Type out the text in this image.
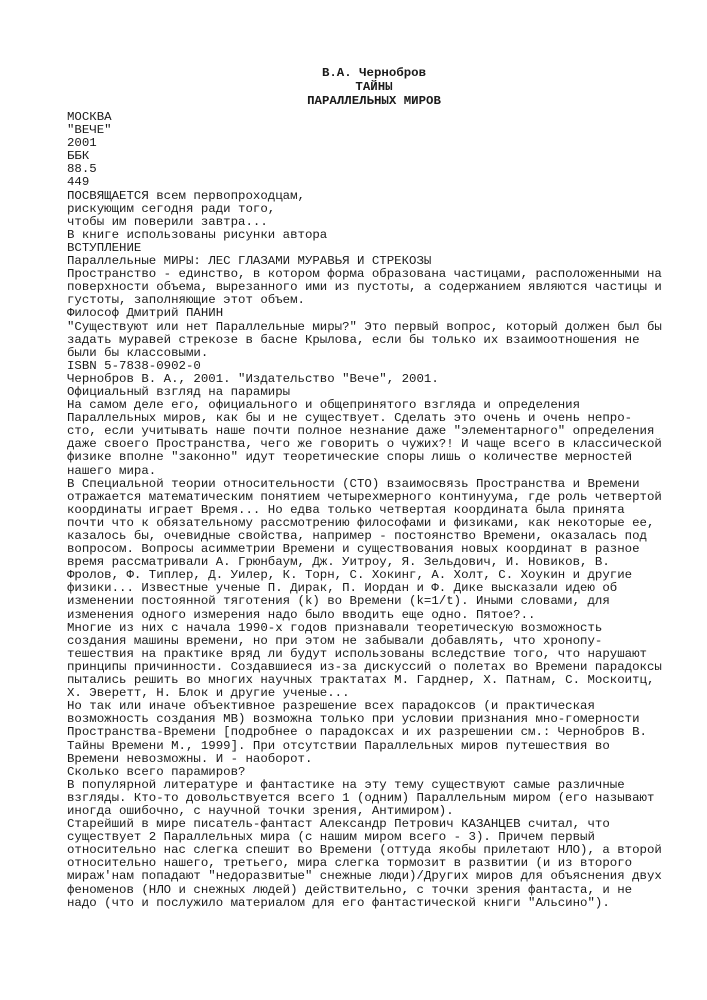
В.А. Чернобров
ТАЙНЫ
ПАРАЛЛЕЛЬНЫХ МИРОВ
МОСКВА
"ВЕЧЕ"
2001
ББК
88.5
449
ПОСВЯЩАЕТСЯ всем первопроходцам,
рискующим сегодня ради того,
чтобы им поверили завтра...
В книге использованы рисунки автора
ВСТУПЛЕНИЕ
Параллельные МИРЫ: ЛЕС ГЛАЗАМИ МУРАВЬЯ И СТРЕКОЗЫ
Пространство - единство, в котором форма образована частицами, расположенными на
поверхности объема, вырезанного ими из пустоты, а содержанием являются частицы и
густоты, заполняющие этот объем.
Философ Дмитрий ПАНИН
"Существуют или нет Параллельные миры?" Это первый вопрос, который должен был бы
задать муравей стрекозе в басне Крылова, если бы только их взаимоотношения не
были бы классовыми.
ISBN 5-7838-0902-0
Чернобров В. А., 2001. "Издательство "Вече", 2001.
Официальный взгляд на парамиры
На самом деле его, официального и общепринятого взгляда и определения
Параллельных миров, как бы и не существует. Сделать это очень и очень непро-
сто, если учитывать наше почти полное незнание даже "элементарного" определения
даже своего Пространства, чего же говорить о чужих?! И чаще всего в классической
физике вполне "законно" идут теоретические споры лишь о количестве мерностей
нашего мира.
В Специальной теории относительности (СТО) взаимосвязь Пространства и Времени
отражается математическим понятием четырехмерного континуума, где роль четвертой
координаты играет Время... Но едва только четвертая координата была принята
почти что к обязательному рассмотрению философами и физиками, как некоторые ее,
казалось бы, очевидные свойства, например - постоянство Времени, оказалась под
вопросом. Вопросы асимметрии Времени и существования новых координат в разное
время рассматривали А. Грюнбаум, Дж. Уитроу, Я. Зельдович, И. Новиков, В.
Фролов, Ф. Типлер, Д. Уилер, К. Торн, С. Хокинг, А. Холт, С. Хоукин и другие
физики... Известные ученые П. Дирак, П. Иордан и Ф. Дике высказали идею об
изменении постоянной тяготения (k) во Времени (k=1/t). Иными словами, для
изменения одного измерения надо было вводить еще одно. Пятое?..
Многие из них с начала 1990-х годов признавали теоретическую возможность
создания машины времени, но при этом не забывали добавлять, что хронопу-
тешествия на практике вряд ли будут использованы вследствие того, что нарушают
принципы причинности. Создавшиеся из-за дискуссий о полетах во Времени парадоксы
пытались решить во многих научных трактатах М. Гарднер, Х. Патнам, С. Москоитц,
Х. Эверетт, Н. Блок и другие ученые...
Но так или иначе объективное разрешение всех парадоксов (и практическая
возможность создания МВ) возможна только при условии признания мно-гомерности
Пространства-Времени [подробнее о парадоксах и их разрешении см.: Чернобров В.
Тайны Времени М., 1999]. При отсутствии Параллельных миров путешествия во
Времени невозможны. И - наоборот.
Сколько всего парамиров?
В популярной литературе и фантастике на эту тему существуют самые различные
взгляды. Кто-то довольствуется всего 1 (одним) Параллельным миром (его называют
иногда ошибочно, с научной точки зрения, Антимиром).
Старейший в мире писатель-фантаст Александр Петрович КАЗАНЦЕВ считал, что
существует 2 Параллельных мира (с нашим миром всего - 3). Причем первый
относительно нас слегка спешит во Времени (оттуда якобы прилетают НЛО), а второй
относительно нашего, третьего, мира слегка тормозит в развитии (и из второго
мираж'нам попадают "недоразвитые" снежные люди)/Других миров для объяснения двух
феноменов (НЛО и снежных людей) действительно, с точки зрения фантаста, и не
надо (что и послужило материалом для его фантастической книги "Альсино").
